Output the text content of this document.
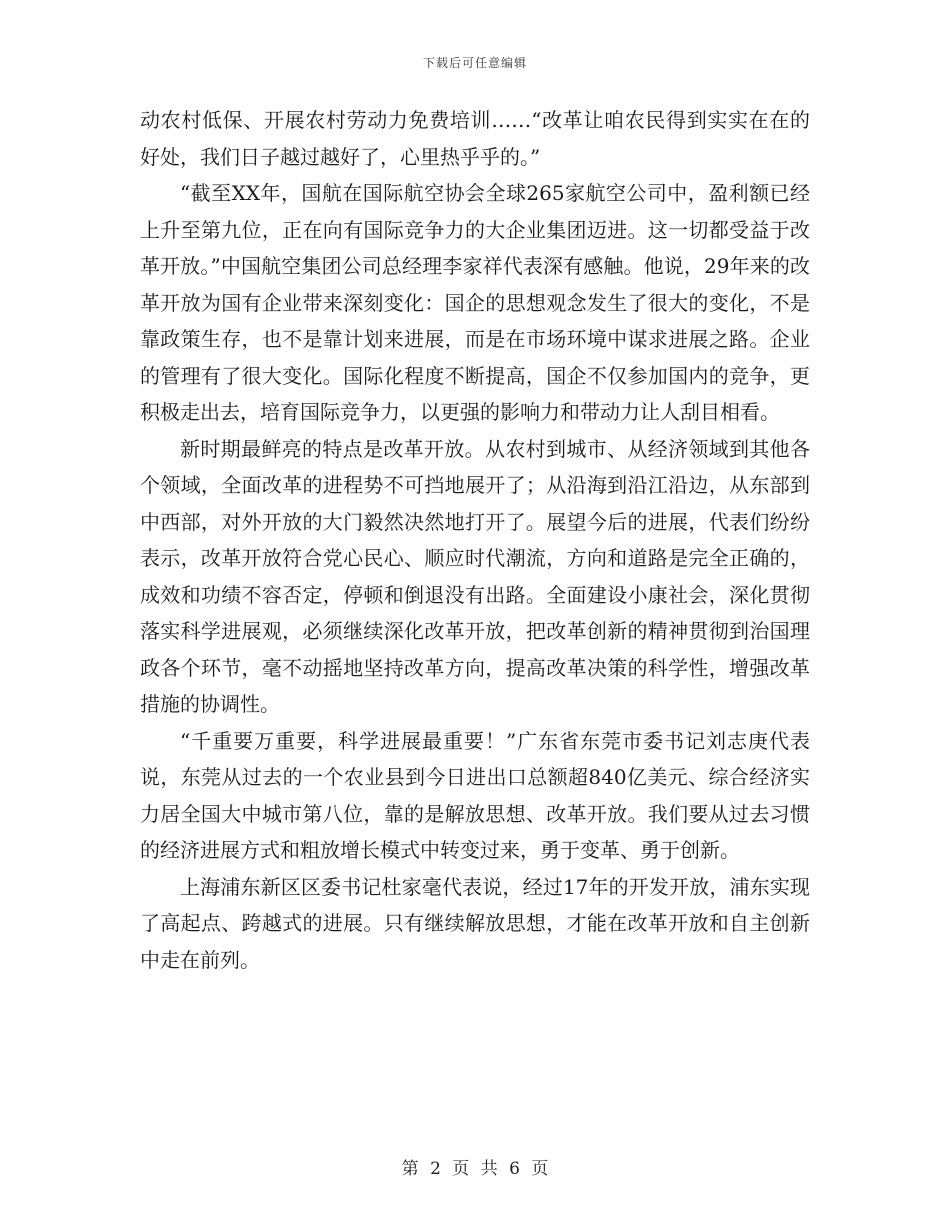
下载后可任意编辑

动农村低保、开展农村劳动力免费培训……“改革让咱农民得到实实在在的好处，我们日子越过越好了，心里热乎乎的。”

“截至XX年，国航在国际航空协会全球265家航空公司中，盈利额已经上升至第九位，正在向有国际竞争力的大企业集团迈进。这一切都受益于改革开放。”中国航空集团公司总经理李家祥代表深有感触。他说，29年来的改革开放为国有企业带来深刻变化：国企的思想观念发生了很大的变化，不是靠政策生存，也不是靠计划来进展，而是在市场环境中谋求进展之路。企业的管理有了很大变化。国际化程度不断提高，国企不仅参加国内的竞争，更积极走出去，培育国际竞争力，以更强的影响力和带动力让人刮目相看。

新时期最鲜亮的特点是改革开放。从农村到城市、从经济领域到其他各个领域，全面改革的进程势不可挡地展开了；从沿海到沿江沿边，从东部到中西部，对外开放的大门毅然决然地打开了。展望今后的进展，代表们纷纷表示，改革开放符合党心民心、顺应时代潮流，方向和道路是完全正确的，成效和功绩不容否定，停顿和倒退没有出路。全面建设小康社会，深化贯彻落实科学进展观，必须继续深化改革开放，把改革创新的精神贯彻到治国理政各个环节，毫不动摇地坚持改革方向，提高改革决策的科学性，增强改革措施的协调性。

“千重要万重要，科学进展最重要！”广东省东莞市委书记刘志庚代表说，东莞从过去的一个农业县到今日进出口总额超840亿美元、综合经济实力居全国大中城市第八位，靠的是解放思想、改革开放。我们要从过去习惯的经济进展方式和粗放增长模式中转变过来，勇于变革、勇于创新。

上海浦东新区区委书记杜家毫代表说，经过17年的开发开放，浦东实现了高起点、跨越式的进展。只有继续解放思想，才能在改革开放和自主创新中走在前列。

第 2 页 共 6 页
